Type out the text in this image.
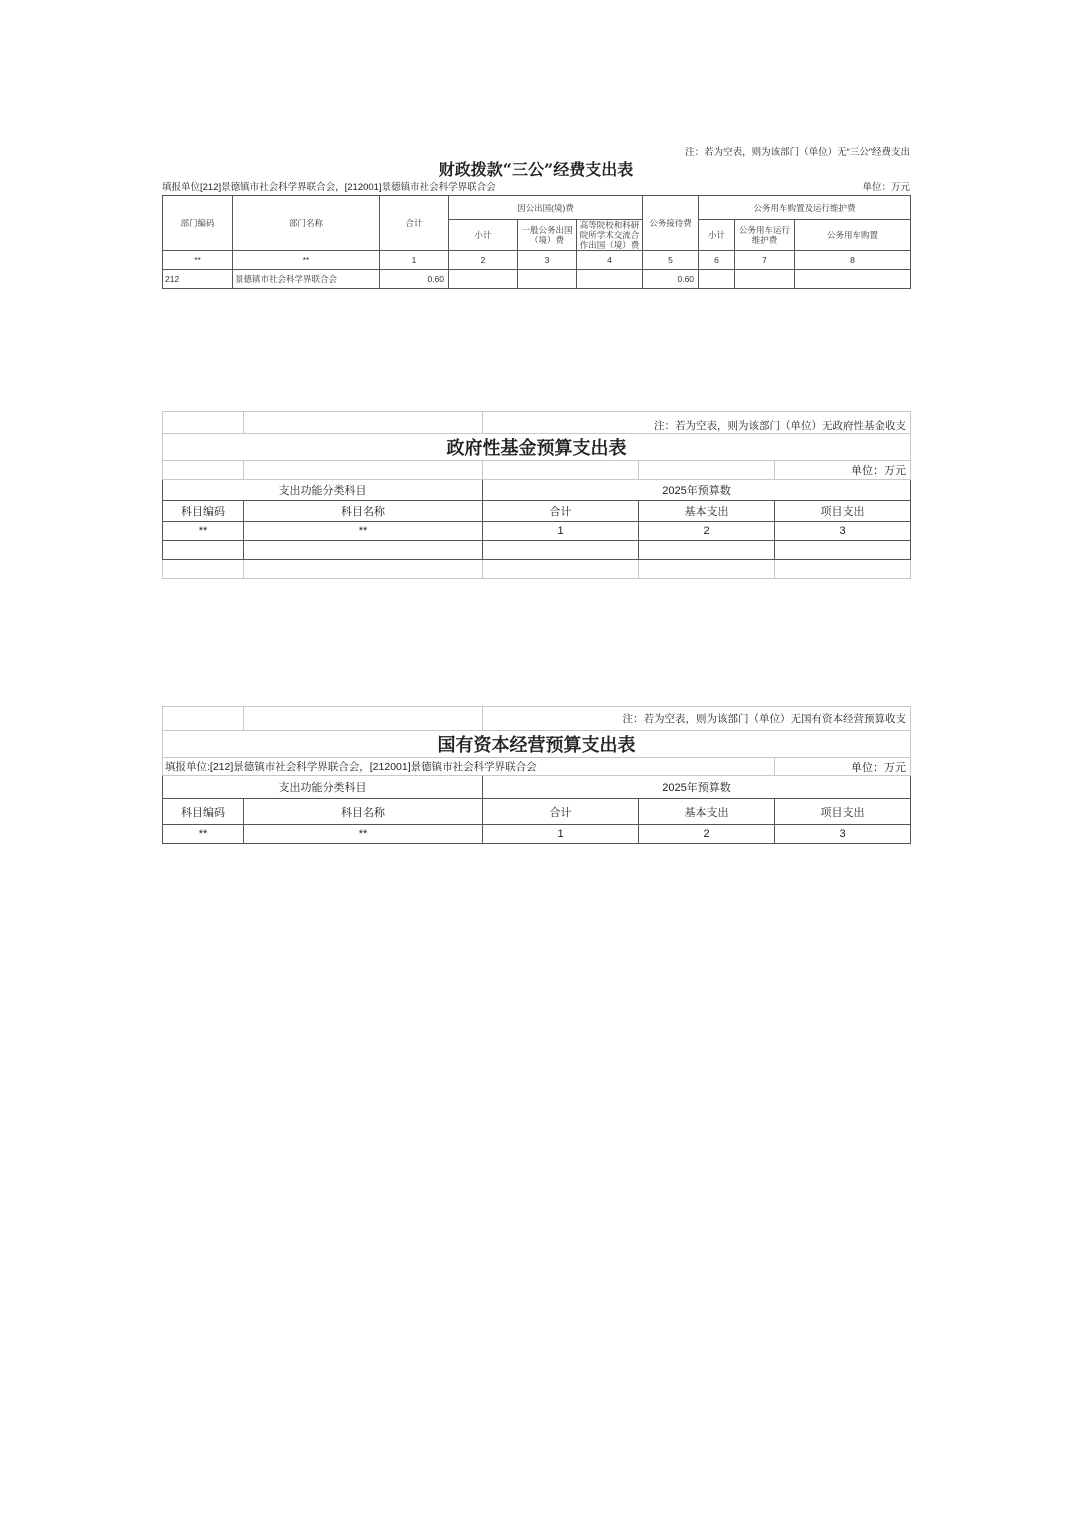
注：若为空表，则为该部门（单位）无“三公”经费支出
财政拨款“三公”经费支出表
填报单位[212]景德镇市社会科学界联合会，[212001]景德镇市社会科学界联合会	单位：万元
部门编码	部门名称	合计	因公出国(境)费			公务接待费	公务用车购置及运行维护费		
			小计	一般公务出国（境）费	高等院校和科研院所学术交流合作出国（境）费		小计	公务用车运行维护费	公务用车购置
**	**	1	2	3	4	5	6	7	8
212	景德镇市社会科学界联合会	0.60				0.60			
		注：若为空表，则为该部门（单位）无政府性基金收支		
政府性基金预算支出表				
				单位：万元
支出功能分类科目		2025年预算数		
科目编码	科目名称	合计	基本支出	项目支出
**	**	1	2	3

		注：若为空表，则为该部门（单位）无国有资本经营预算收支		
国有资本经营预算支出表				
填报单位:[212]景德镇市社会科学界联合会，[212001]景德镇市社会科学界联合会				单位：万元
支出功能分类科目		2025年预算数		
科目编码	科目名称	合计	基本支出	项目支出
**	**	1	2	3
